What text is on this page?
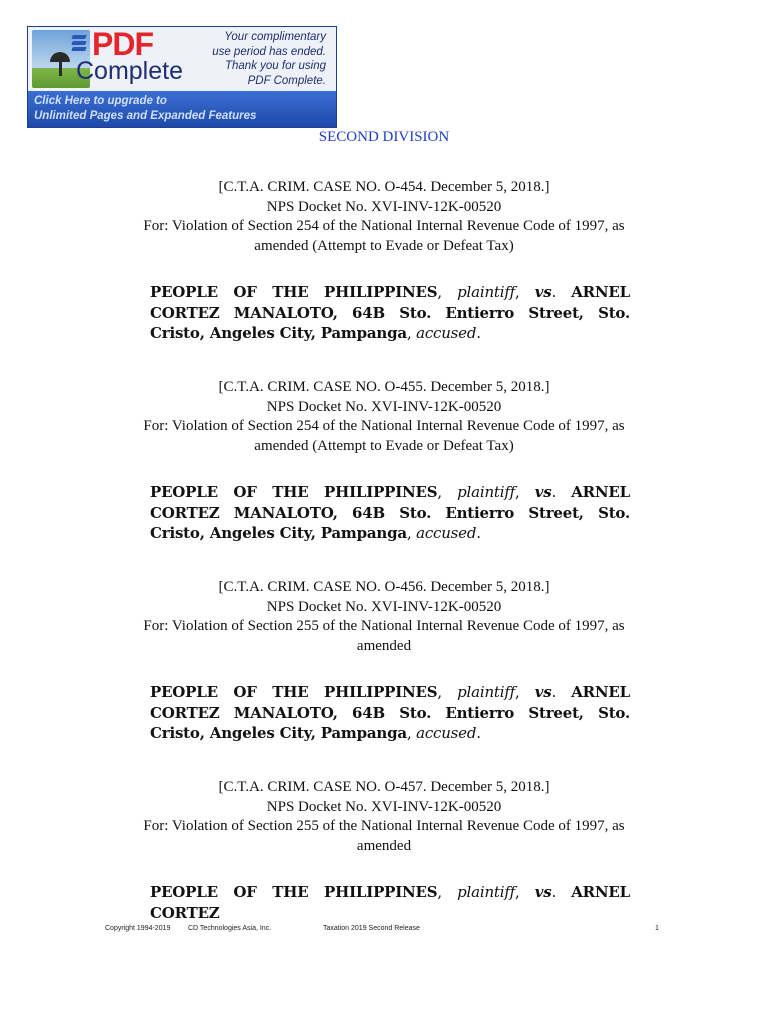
PDF
Complete
Your complimentary
use period has ended.
Thank you for using
PDF Complete.
Click Here to upgrade to
Unlimited Pages and Expanded Features
SECOND DIVISION
[C.T.A. CRIM. CASE NO. O-454. December 5, 2018.]
NPS Docket No. XVI-INV-12K-00520
For: Violation of Section 254 of the National Internal Revenue Code of 1997, as
amended (Attempt to Evade or Defeat Tax)
PEOPLE OF THE PHILIPPINES, plaintiff, vs. ARNEL CORTEZ MANALOTO, 64B Sto. Entierro Street, Sto. Cristo, Angeles City, Pampanga, accused.
[C.T.A. CRIM. CASE NO. O-455. December 5, 2018.]
NPS Docket No. XVI-INV-12K-00520
For: Violation of Section 254 of the National Internal Revenue Code of 1997, as
amended (Attempt to Evade or Defeat Tax)
PEOPLE OF THE PHILIPPINES, plaintiff, vs. ARNEL CORTEZ MANALOTO, 64B Sto. Entierro Street, Sto. Cristo, Angeles City, Pampanga, accused.
[C.T.A. CRIM. CASE NO. O-456. December 5, 2018.]
NPS Docket No. XVI-INV-12K-00520
For: Violation of Section 255 of the National Internal Revenue Code of 1997, as
amended
PEOPLE OF THE PHILIPPINES, plaintiff, vs. ARNEL CORTEZ MANALOTO, 64B Sto. Entierro Street, Sto. Cristo, Angeles City, Pampanga, accused.
[C.T.A. CRIM. CASE NO. O-457. December 5, 2018.]
NPS Docket No. XVI-INV-12K-00520
For: Violation of Section 255 of the National Internal Revenue Code of 1997, as
amended
PEOPLE OF THE PHILIPPINES, plaintiff, vs. ARNEL CORTEZ
Copyright 1994-2019	CD Technologies Asia, Inc.	Taxation 2019 Second Release	1
